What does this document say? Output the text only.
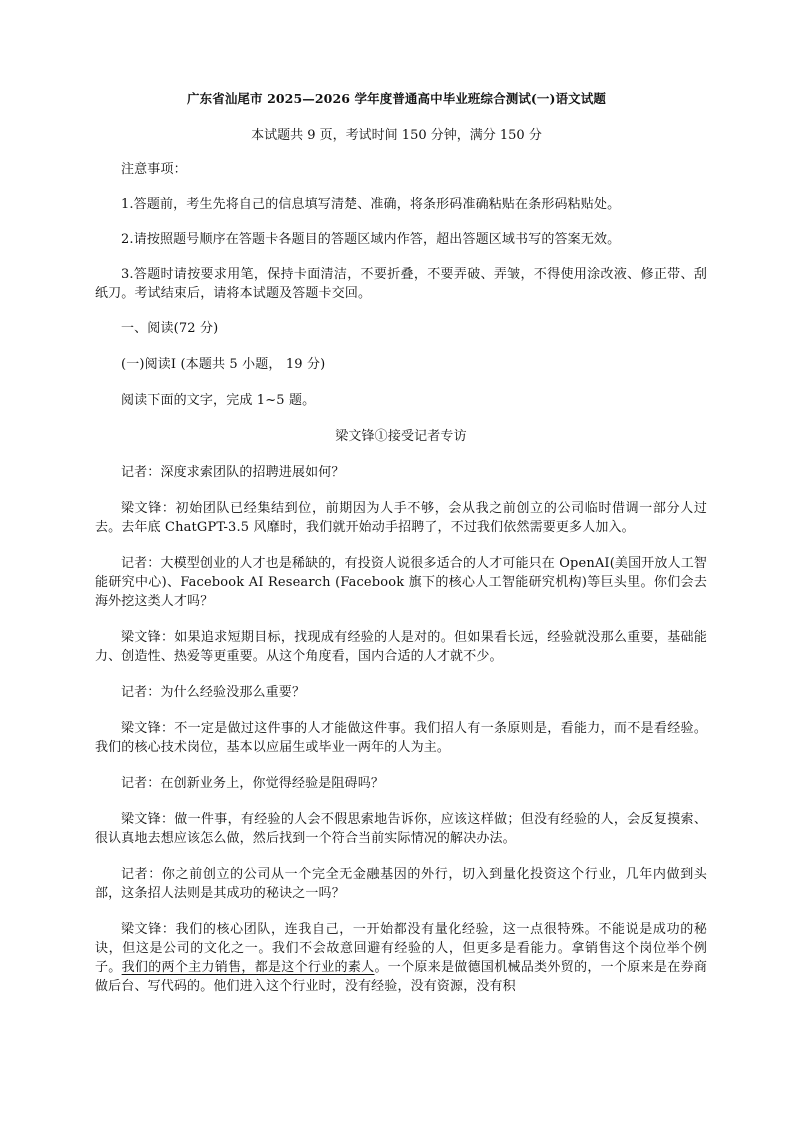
广东省汕尾市 2025—2026 学年度普通高中毕业班综合测试(一)语文试题
本试题共 9 页，考试时间 150 分钟，满分 150 分

注意事项：

1.答题前，考生先将自己的信息填写清楚、准确，将条形码准确粘贴在条形码粘贴处。

2.请按照题号顺序在答题卡各题目的答题区域内作答，超出答题区域书写的答案无效。

3.答题时请按要求用笔，保持卡面清洁，不要折叠，不要弄破、弄皱，不得使用涂改液、修正带、刮纸刀。考试结束后，请将本试题及答题卡交回。

一、阅读(72 分)

(一)阅读Ⅰ (本题共 5 小题， 19 分)

阅读下面的文字，完成 1~5 题。

梁文锋①接受记者专访

记者：深度求索团队的招聘进展如何？

梁文锋：初始团队已经集结到位，前期因为人手不够，会从我之前创立的公司临时借调一部分人过去。去年底 ChatGPT-3.5 风靡时，我们就开始动手招聘了，不过我们依然需要更多人加入。

记者：大模型创业的人才也是稀缺的，有投资人说很多适合的人才可能只在 OpenAI(美国开放人工智能研究中心)、Facebook AI Research (Facebook 旗下的核心人工智能研究机构)等巨头里。你们会去海外挖这类人才吗？

梁文锋：如果追求短期目标，找现成有经验的人是对的。但如果看长远，经验就没那么重要，基础能力、创造性、热爱等更重要。从这个角度看，国内合适的人才就不少。

记者：为什么经验没那么重要？

梁文锋：不一定是做过这件事的人才能做这件事。我们招人有一条原则是，看能力，而不是看经验。我们的核心技术岗位，基本以应届生或毕业一两年的人为主。

记者：在创新业务上，你觉得经验是阻碍吗？

梁文锋：做一件事，有经验的人会不假思索地告诉你，应该这样做；但没有经验的人，会反复摸索、很认真地去想应该怎么做，然后找到一个符合当前实际情况的解决办法。

记者：你之前创立的公司从一个完全无金融基因的外行，切入到量化投资这个行业，几年内做到头部，这条招人法则是其成功的秘诀之一吗？

梁文锋：我们的核心团队，连我自己，一开始都没有量化经验，这一点很特殊。不能说是成功的秘诀，但这是公司的文化之一。我们不会故意回避有经验的人，但更多是看能力。拿销售这个岗位举个例子。我们的两个主力销售，都是这个行业的素人。一个原来是做德国机械品类外贸的，一个原来是在券商做后台、写代码的。他们进入这个行业时，没有经验，没有资源，没有积
